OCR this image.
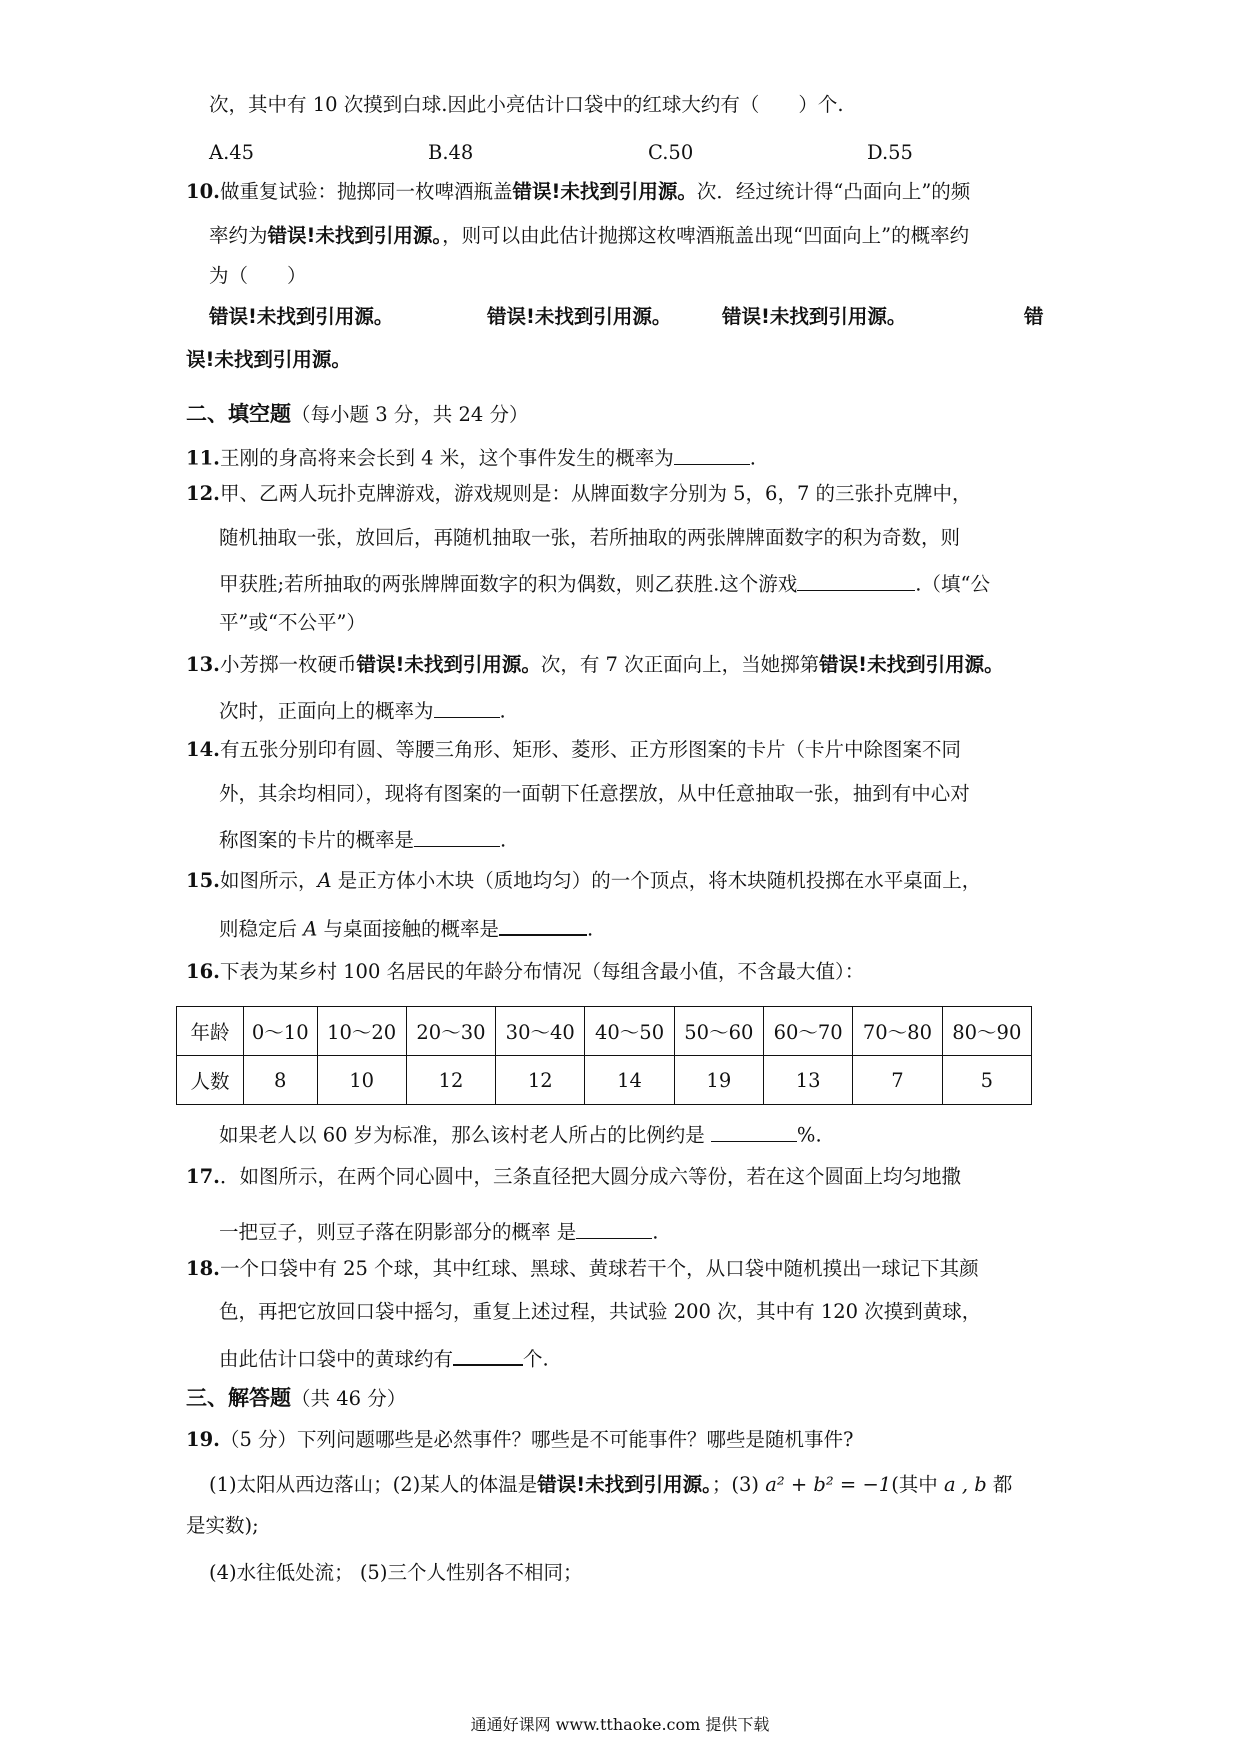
次，其中有 10 次摸到白球.因此小亮估计口袋中的红球大约有（　　）个.
A.45	B.48	C.50	D.55
10.做重复试验：抛掷同一枚啤酒瓶盖错误!未找到引用源。次．经过统计得“凸面向上”的频
率约为错误!未找到引用源。，则可以由此估计抛掷这枚啤酒瓶盖出现“凹面向上”的概率约
为（　　）
错误!未找到引用源。	错误!未找到引用源。	错误!未找到引用源。	错
误!未找到引用源。
二、填空题（每小题 3 分，共 24 分）
11.王刚的身高将来会长到 4 米，这个事件发生的概率为	.
12.甲、乙两人玩扑克牌游戏，游戏规则是：从牌面数字分别为 5，6，7 的三张扑克牌中，
随机抽取一张，放回后，再随机抽取一张，若所抽取的两张牌牌面数字的积为奇数，则
甲获胜;若所抽取的两张牌牌面数字的积为偶数，则乙获胜.这个游戏	.（填“公
平”或“不公平”）
13.小芳掷一枚硬币错误!未找到引用源。次，有 7 次正面向上，当她掷第错误!未找到引用源。
次时，正面向上的概率为	.
14.有五张分别印有圆、等腰三角形、矩形、菱形、正方形图案的卡片（卡片中除图案不同
外，其余均相同），现将有图案的一面朝下任意摆放，从中任意抽取一张，抽到有中心对
称图案的卡片的概率是	.
15.如图所示，A 是正方体小木块（质地均匀）的一个顶点，将木块随机投掷在水平桌面上，
则稳定后 A 与桌面接触的概率是	.
16.下表为某乡村 100 名居民的年龄分布情况（每组含最小值，不含最大值）：
年龄	0～10	10～20	20～30	30～40	40～50	50～60	60～70	70～80	80～90
人数	8	10	12	12	14	19	13	7	5
如果老人以 60 岁为标准，那么该村老人所占的比例约是	%.
17.．如图所示，在两个同心圆中，三条直径把大圆分成六等份，若在这个圆面上均匀地撒
一把豆子，则豆子落在阴影部分的概率 是	.
18.一个口袋中有 25 个球，其中红球、黑球、黄球若干个，从口袋中随机摸出一球记下其颜
色，再把它放回口袋中摇匀，重复上述过程，共试验 200 次，其中有 120 次摸到黄球，
由此估计口袋中的黄球约有	个.
三、解答题（共 46 分）
19.（5 分）下列问题哪些是必然事件？哪些是不可能事件？哪些是随机事件?
(1)太阳从西边落山；(2)某人的体温是错误!未找到引用源。；(3) a² + b² = −1(其中 a , b 都
是实数);
(4)水往低处流； (5)三个人性别各不相同；
通通好课网 www.tthaoke.com 提供下载
